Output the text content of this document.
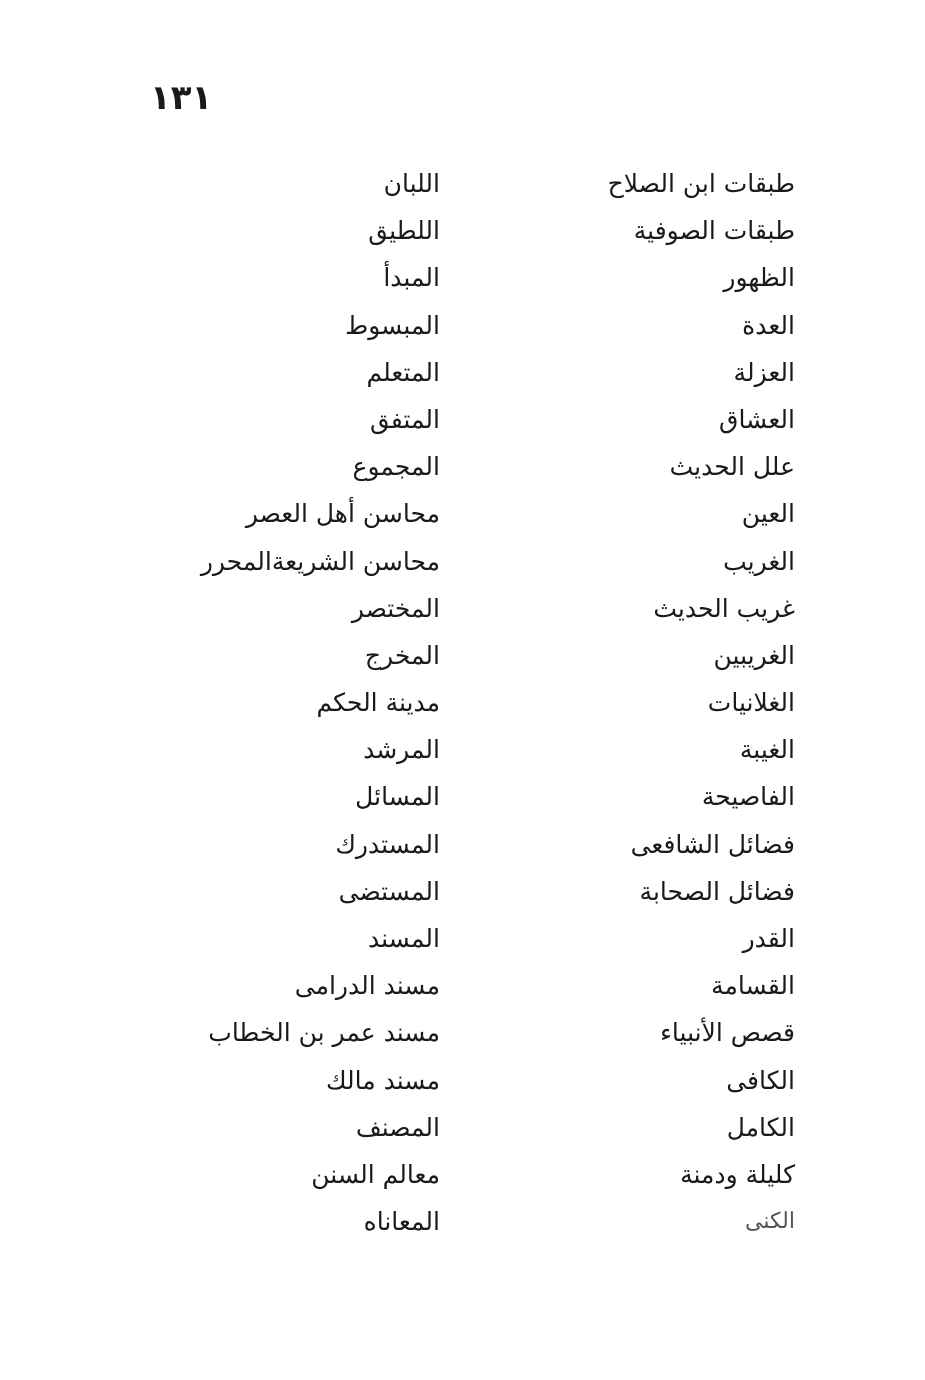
١٣١
طبقات ابن الصلاح
طبقات الصوفية
الظهور
العدة
العزلة
العشاق
علل الحديث
العين
الغريب
غريب الحديث
الغريبين
الغلانيات
الغيبة
الفاصيحة
فضائل الشافعى
فضائل الصحابة
القدر
القسامة
قصص الأنبياء
الكافى
الكامل
كليلة ودمنة
الكنى
اللبان
اللطيق
المبدأ
المبسوط
المتعلم
المتفق
المجموع
محاسن أهل العصر
محاسن الشريعةالمحرر
المختصر
المخرج
مدينة الحكم
المرشد
المسائل
المستدرك
المستضى
المسند
مسند الدرامى
مسند عمر بن الخطاب
مسند مالك
المصنف
معالم السنن
المعاناه
